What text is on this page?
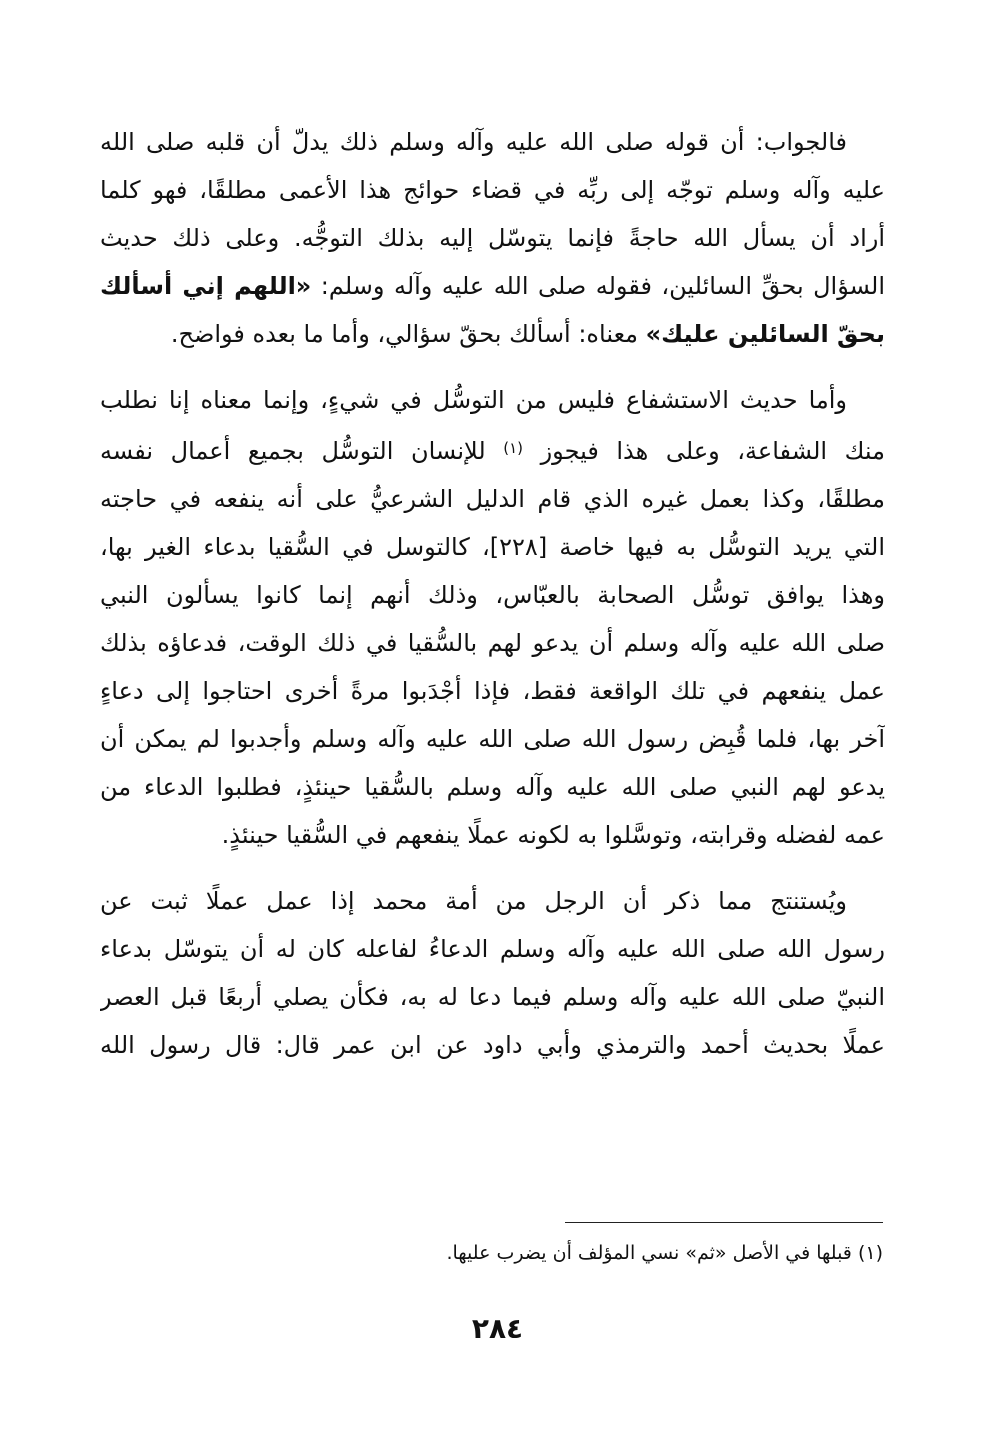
فالجواب: أن قوله صلى الله عليه وآله وسلم ذلك يدلّ أن قلبه صلى الله
عليه وآله وسلم توجّه إلى ربِّه في قضاء حوائج هذا الأعمى مطلقًا، فهو كلما
أراد أن يسأل الله حاجةً فإنما يتوسّل إليه بذلك التوجُّه. وعلى ذلك حديث
السؤال بحقِّ السائلين، فقوله صلى الله عليه وآله وسلم: «اللهم إني أسألك
بحقّ السائلين عليك» معناه: أسألك بحقّ سؤالي، وأما ما بعده فواضح.

وأما حديث الاستشفاع فليس من التوسُّل في شيءٍ، وإنما معناه إنا نطلب
منك الشفاعة، وعلى هذا فيجوز $^{(١)}$ للإنسان التوسُّل بجميع أعمال نفسه
مطلقًا، وكذا بعمل غيره الذي قام الدليل الشرعيُّ على أنه ينفعه في حاجته
التي يريد التوسُّل به فيها خاصة [٢٢٨]، كالتوسل في السُّقيا بدعاء الغير بها،
وهذا يوافق توسُّل الصحابة بالعبّاس، وذلك أنهم إنما كانوا يسألون النبي
صلى الله عليه وآله وسلم أن يدعو لهم بالسُّقيا في ذلك الوقت، فدعاؤه بذلك
عمل ينفعهم في تلك الواقعة فقط، فإذا أجْدَبوا مرةً أخرى احتاجوا إلى دعاءٍ
آخر بها، فلما قُبِض رسول الله صلى الله عليه وآله وسلم وأجدبوا لم يمكن أن
يدعو لهم النبي صلى الله عليه وآله وسلم بالسُّقيا حينئذٍ، فطلبوا الدعاء من
عمه لفضله وقرابته، وتوسَّلوا به لكونه عملًا ينفعهم في السُّقيا حينئذٍ.

ويُستنتج مما ذكر أن الرجل من أمة محمد إذا عمل عملًا ثبت عن
رسول الله صلى الله عليه وآله وسلم الدعاءُ لفاعله كان له أن يتوسّل بدعاء
النبيّ صلى الله عليه وآله وسلم فيما دعا له به، فكأن يصلي أربعًا قبل العصر
عملًا بحديث أحمد والترمذي وأبي داود عن ابن عمر قال: قال رسول الله

(١) قبلها في الأصل «ثم» نسي المؤلف أن يضرب عليها.
٢٨٤
